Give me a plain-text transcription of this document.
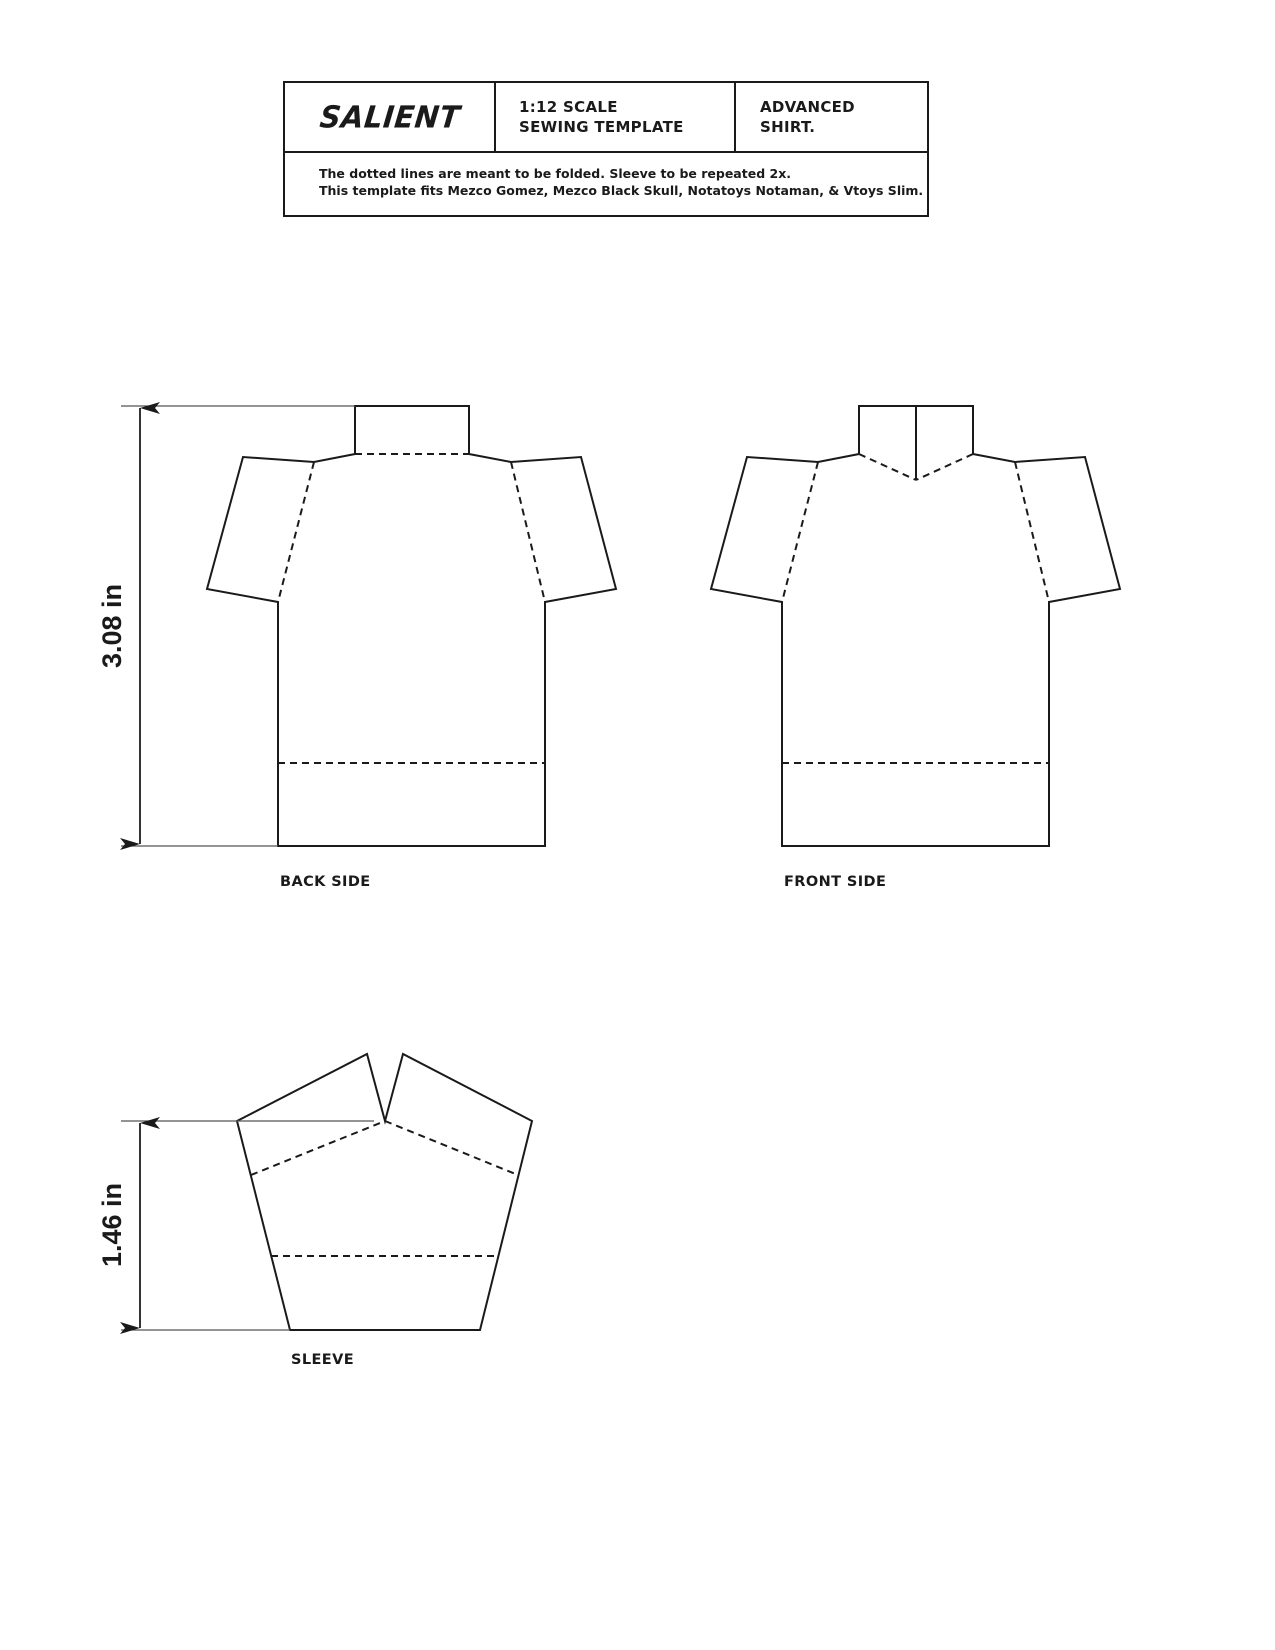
SALIENT	1:12 SCALE
SEWING TEMPLATE
ADVANCED
SHIRT.
The dotted lines are meant to be folded. Sleeve to be repeated 2x.
This template fits Mezco Gomez, Mezco Black Skull, Notatoys Notaman, & Vtoys Slim.
3.08 in
1.46 in
BACK SIDE	FRONT SIDE
SLEEVE
